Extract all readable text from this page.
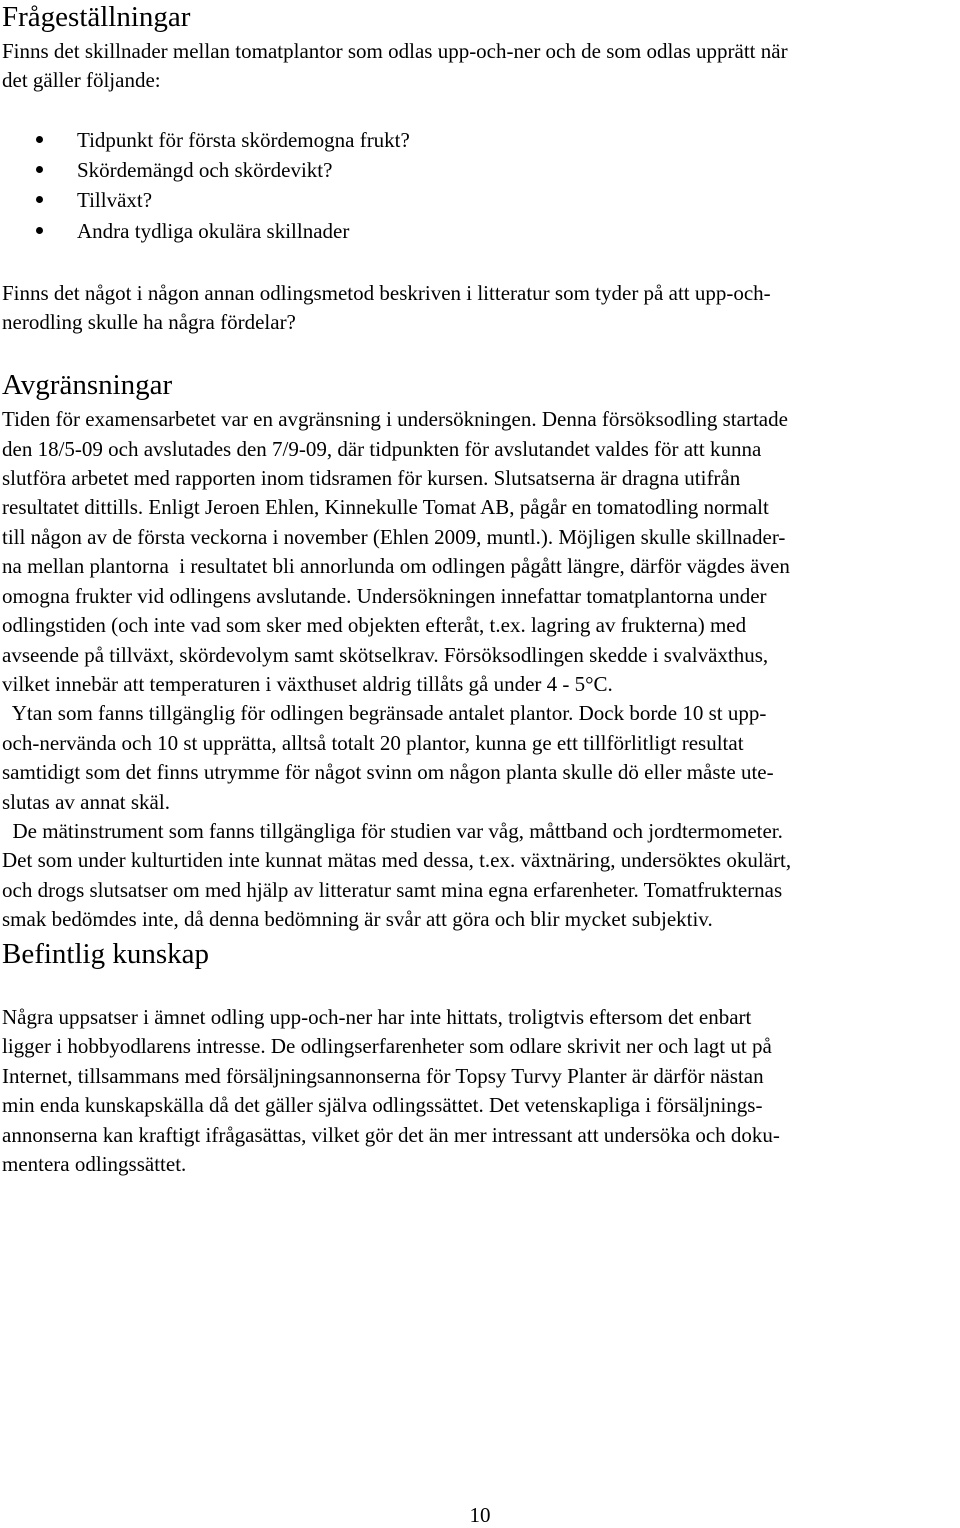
Frågeställningar

Finns det skillnader mellan tomatplantor som odlas upp-och-ner och de som odlas upprätt när

det gäller följande:

Tidpunkt för första skördemogna frukt?

Skördemängd och skördevikt?

Tillväxt?

Andra tydliga okulära skillnader

Finns det något i någon annan odlingsmetod beskriven i litteratur som tyder på att upp-och-

nerodling skulle ha några fördelar?

Avgränsningar

Tiden för examensarbetet var en avgränsning i undersökningen. Denna försöksodling startade

den 18/5-09 och avslutades den 7/9-09, där tidpunkten för avslutandet valdes för att kunna

slutföra arbetet med rapporten inom tidsramen för kursen. Slutsatserna är dragna utifrån

resultatet dittills. Enligt Jeroen Ehlen, Kinnekulle Tomat AB, pågår en tomatodling normalt

till någon av de första veckorna i november (Ehlen 2009, muntl.). Möjligen skulle skillnader-

na mellan plantorna  i resultatet bli annorlunda om odlingen pågått längre, därför vägdes även

omogna frukter vid odlingens avslutande. Undersökningen innefattar tomatplantorna under

odlingstiden (och inte vad som sker med objekten efteråt, t.ex. lagring av frukterna) med

avseende på tillväxt, skördevolym samt skötselkrav. Försöksodlingen skedde i svalväxthus,

vilket innebär att temperaturen i växthuset aldrig tillåts gå under 4 - 5°C.

Ytan som fanns tillgänglig för odlingen begränsade antalet plantor. Dock borde 10 st upp-

och-nervända och 10 st upprätta, alltså totalt 20 plantor, kunna ge ett tillförlitligt resultat

samtidigt som det finns utrymme för något svinn om någon planta skulle dö eller måste ute-

slutas av annat skäl.

De mätinstrument som fanns tillgängliga för studien var våg, måttband och jordtermometer.

Det som under kulturtiden inte kunnat mätas med dessa, t.ex. växtnäring, undersöktes okulärt,

och drogs slutsatser om med hjälp av litteratur samt mina egna erfarenheter. Tomatfrukternas

smak bedömdes inte, då denna bedömning är svår att göra och blir mycket subjektiv.

Befintlig kunskap

Några uppsatser i ämnet odling upp-och-ner har inte hittats, troligtvis eftersom det enbart

ligger i hobbyodlarens intresse. De odlingserfarenheter som odlare skrivit ner och lagt ut på

Internet, tillsammans med försäljningsannonserna för Topsy Turvy Planter är därför nästan

min enda kunskapskälla då det gäller själva odlingssättet. Det vetenskapliga i försäljnings-

annonserna kan kraftigt ifrågasättas, vilket gör det än mer intressant att undersöka och doku-

mentera odlingssättet.

10
